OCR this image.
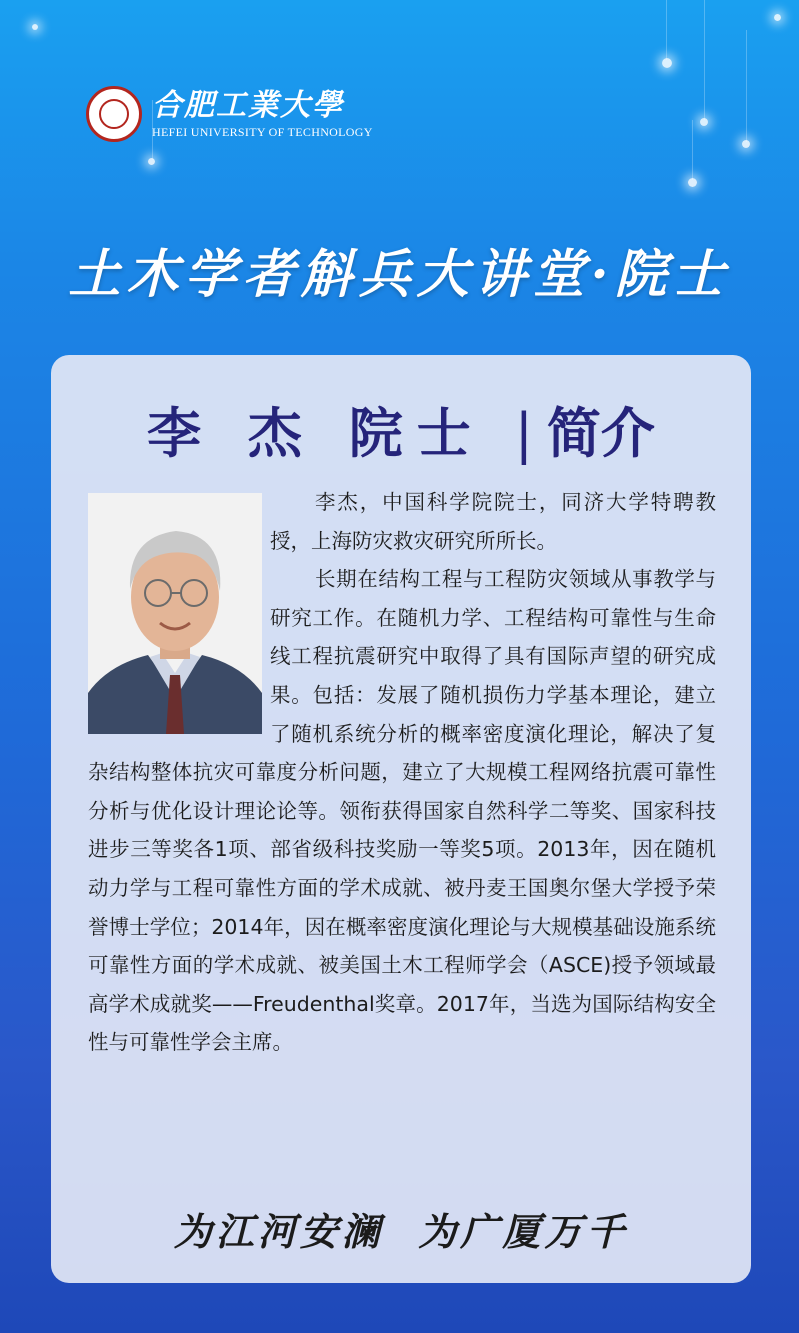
合肥工業大學
HEFEI UNIVERSITY OF TECHNOLOGY
土木学者斛兵大讲堂·院士
李 杰 院士 | 简介

李杰，中国科学院院士，同济大学特聘教授，上海防灾救灾研究所所长。

长期在结构工程与工程防灾领域从事教学与研究工作。在随机力学、工程结构可靠性与生命线工程抗震研究中取得了具有国际声望的研究成果。包括：发展了随机损伤力学基本理论，建立了随机系统分析的概率密度演化理论，解决了复杂结构整体抗灾可靠度分析问题，建立了大规模工程网络抗震可靠性分析与优化设计理论论等。领衔获得国家自然科学二等奖、国家科技进步三等奖各1项、部省级科技奖励一等奖5项。2013年，因在随机动力学与工程可靠性方面的学术成就、被丹麦王国奥尔堡大学授予荣誉博士学位；2014年，因在概率密度演化理论与大规模基础设施系统可靠性方面的学术成就、被美国土木工程师学会（ASCE)授予领域最高学术成就奖——Freudenthal奖章。2017年，当选为国际结构安全性与可靠性学会主席。

为江河安澜  为广厦万千
